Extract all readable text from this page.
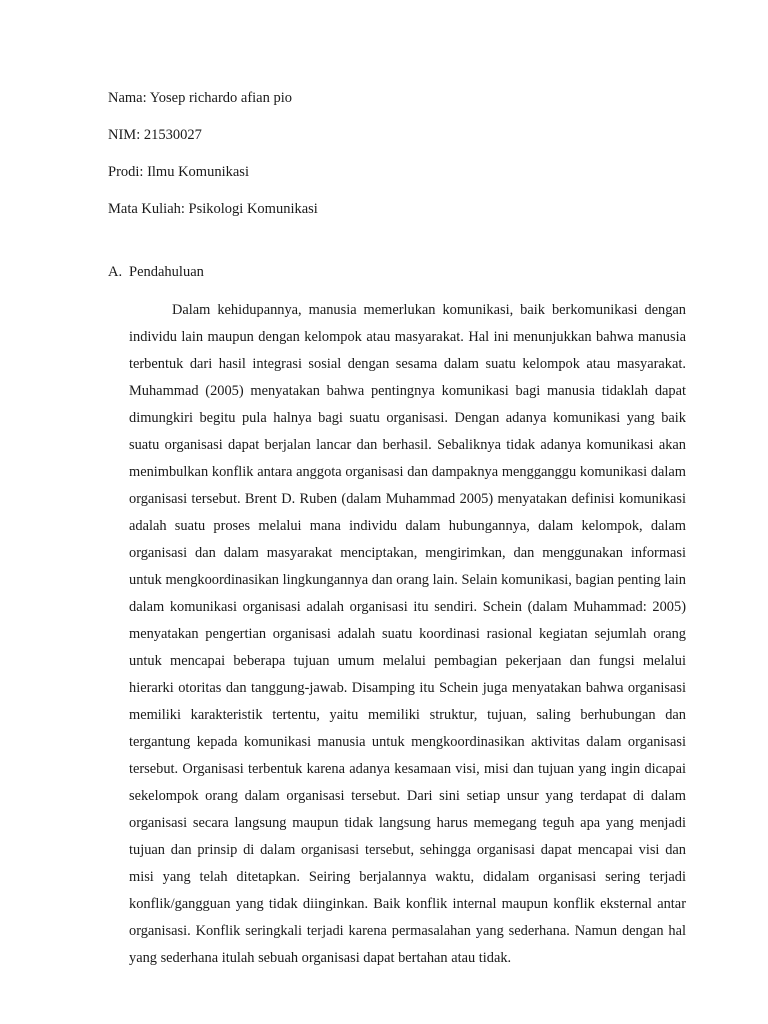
Nama: Yosep richardo afian pio
NIM: 21530027
Prodi: Ilmu Komunikasi
Mata Kuliah: Psikologi Komunikasi
A. Pendahuluan

Dalam kehidupannya, manusia memerlukan komunikasi, baik berkomunikasi dengan individu lain maupun dengan kelompok atau masyarakat. Hal ini menunjukkan bahwa manusia terbentuk dari hasil integrasi sosial dengan sesama dalam suatu kelompok atau masyarakat. Muhammad (2005) menyatakan bahwa pentingnya komunikasi bagi manusia tidaklah dapat dimungkiri begitu pula halnya bagi suatu organisasi. Dengan adanya komunikasi yang baik suatu organisasi dapat berjalan lancar dan berhasil. Sebaliknya tidak adanya komunikasi akan menimbulkan konflik antara anggota organisasi dan dampaknya mengganggu komunikasi dalam organisasi tersebut. Brent D. Ruben (dalam Muhammad 2005) menyatakan definisi komunikasi adalah suatu proses melalui mana individu dalam hubungannya, dalam kelompok, dalam organisasi dan dalam masyarakat menciptakan, mengirimkan, dan menggunakan informasi untuk mengkoordinasikan lingkungannya dan orang lain. Selain komunikasi, bagian penting lain dalam komunikasi organisasi adalah organisasi itu sendiri. Schein (dalam Muhammad: 2005) menyatakan pengertian organisasi adalah suatu koordinasi rasional kegiatan sejumlah orang untuk mencapai beberapa tujuan umum melalui pembagian pekerjaan dan fungsi melalui hierarki otoritas dan tanggung-jawab. Disamping itu Schein juga menyatakan bahwa organisasi memiliki karakteristik tertentu, yaitu memiliki struktur, tujuan, saling berhubungan dan tergantung kepada komunikasi manusia untuk mengkoordinasikan aktivitas dalam organisasi tersebut. Organisasi terbentuk karena adanya kesamaan visi, misi dan tujuan yang ingin dicapai sekelompok orang dalam organisasi tersebut. Dari sini setiap unsur yang terdapat di dalam organisasi secara langsung maupun tidak langsung harus memegang teguh apa yang menjadi tujuan dan prinsip di dalam organisasi tersebut, sehingga organisasi dapat mencapai visi dan misi yang telah ditetapkan. Seiring berjalannya waktu, didalam organisasi sering terjadi konflik/gangguan yang tidak diinginkan. Baik konflik internal maupun konflik eksternal antar organisasi. Konflik seringkali terjadi karena permasalahan yang sederhana. Namun dengan hal yang sederhana itulah sebuah organisasi dapat bertahan atau tidak.
